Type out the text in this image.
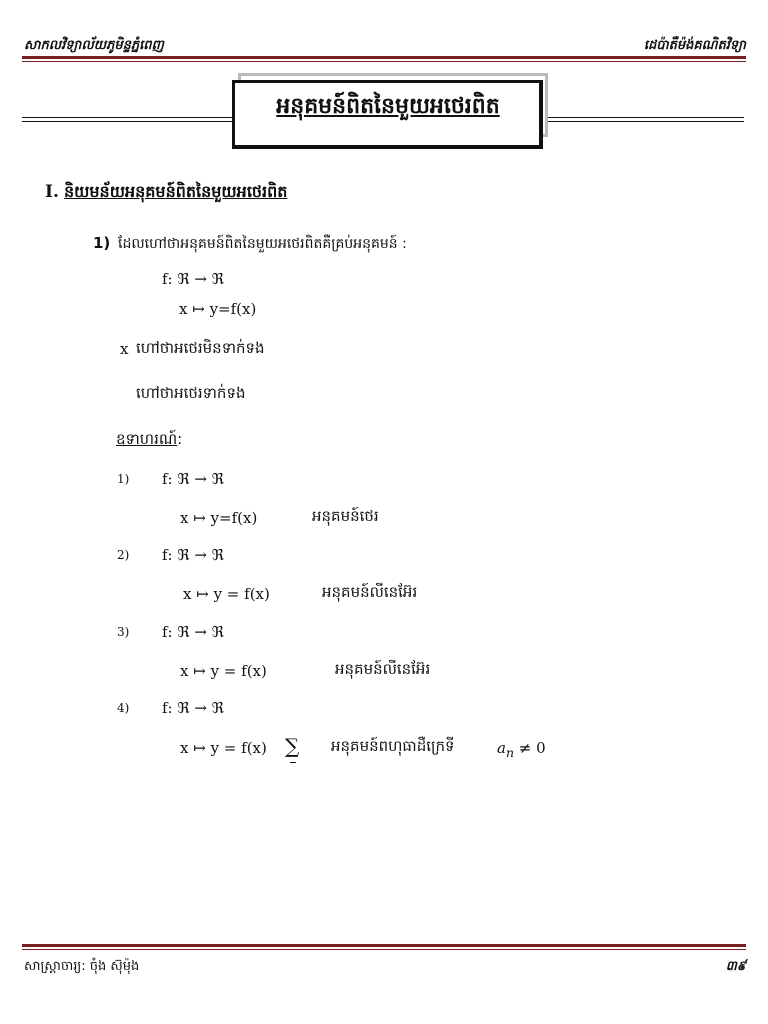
សាកលវិទ្យាល័យភូមិន្ទភ្នំពេញ	ដេប៉ាតឺម៉ង់គណិតវិទ្យា
អនុគមន៍ពិតនៃមួយអថេរពិត
I. និយមន័យអនុគមន៍ពិតនៃមួយអថេរពិត
1) ដែលហៅថាអនុគមន៍ពិតនៃមួយអថេរពិតគឺគ្រប់អនុគមន៍ :
f: ℜ → ℜ
x ↦ y=f(x)
x ហៅថាអថេរមិនទាក់ទង
ហៅថាអថេរទាក់ទង
ឧទាហរណ៍:
1) f: ℜ → ℜ
x ↦ y=f(x)	អនុគមន៍ថេរ
2) f: ℜ → ℜ
x ↦ y = f(x)	អនុគមន៍លីនេអ៊ែរ
3) f: ℜ → ℜ
x ↦ y = f(x)	អនុគមន៍លីនេអ៊ែរ
4) f: ℜ → ℜ
x ↦ y = f(x) ∑ អនុគមន៍ពហុធាដឺក្រេទី	$a_n \ne 0$
សាស្ត្រាចារ្យ: ចុំង ស៊ុម៉ុង	៣៩
